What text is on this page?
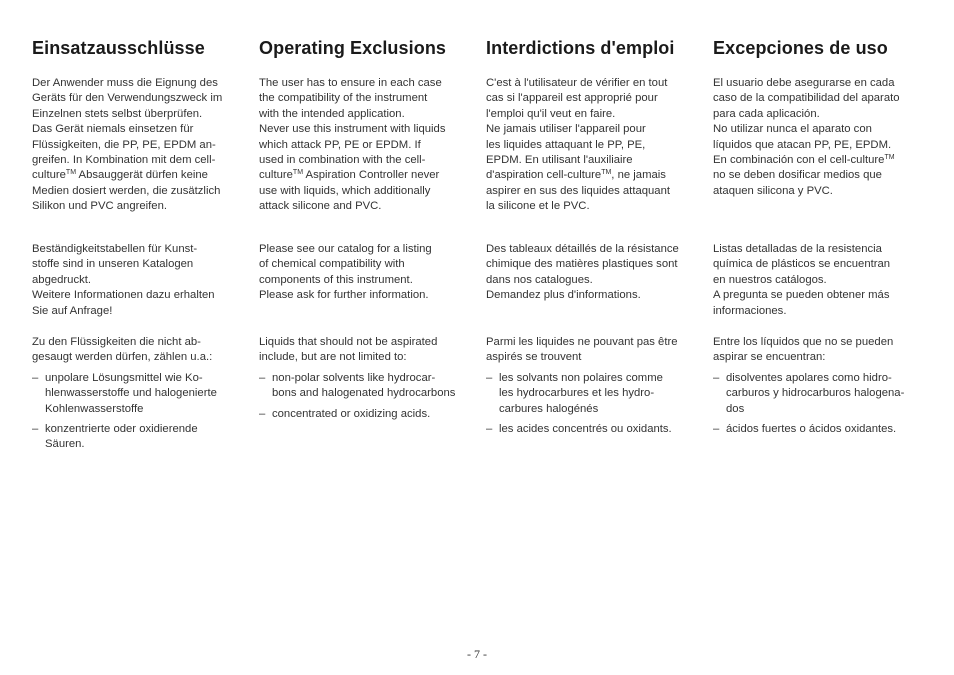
Einsatzausschlüsse

Der Anwender muss die Eignung des
Geräts für den Verwendungszweck im
Einzelnen stets selbst überprüfen.
Das Gerät niemals einsetzen für
Flüssigkeiten, die PP, PE, EPDM an-
greifen. In Kombination mit dem cell-
culture™ Absauggerät dürfen keine
Medien dosiert werden, die zusätzlich
Silikon und PVC angreifen.

Beständigkeitstabellen für Kunst-
stoffe sind in unseren Katalogen
abgedruckt.
Weitere Informationen dazu erhalten
Sie auf Anfrage!

Zu den Flüssigkeiten die nicht ab-
gesaugt werden dürfen, zählen u.a.:

– unpolare Lösungsmittel wie Ko-
hlenwasserstoffe und halogenierte
Kohlenwasserstoffe
– konzentrierte oder oxidierende
Säuren.
Operating Exclusions

The user has to ensure in each case
the compatibility of the instrument
with the intended application.
Never use this instrument with liquids
which attack PP, PE or EPDM. If
used in combination with the cell-
culture™ Aspiration Controller never
use with liquids, which additionally
attack silicone and PVC.

Please see our catalog for a listing
of chemical compatibility with
components of this instrument.
Please ask for further information.

Liquids that should not be aspirated
include, but are not limited to:

– non-polar solvents like hydrocar-
bons and halogenated hydrocarbons
– concentrated or oxidizing acids.
Interdictions d'emploi

C'est à l'utilisateur de vérifier en tout
cas si l'appareil est approprié pour
l'emploi qu'il veut en faire.
Ne jamais utiliser l'appareil pour
les liquides attaquant le PP, PE,
EPDM. En utilisant l'auxiliaire
d'aspiration cell-culture™, ne jamais
aspirer en sus des liquides attaquant
la silicone et le PVC.

Des tableaux détaillés de la résistance
chimique des matières plastiques sont
dans nos catalogues.
Demandez plus d'informations.

Parmi les liquides ne pouvant pas être
aspirés se trouvent

– les solvants non polaires comme
les hydrocarbures et les hydro-
carbures halogénés
– les acides concentrés ou oxidants.
Excepciones de uso

El usuario debe asegurarse en cada
caso de la compatibilidad del aparato
para cada aplicación.
No utilizar nunca el aparato con
líquidos que atacan PP, PE, EPDM.
En combinación con el cell-culture™
no se deben dosificar medios que
ataquen silicona y PVC.

Listas detalladas de la resistencia
química de plásticos se encuentran
en nuestros catálogos.
A pregunta se pueden obtener más
informaciones.

Entre los líquidos que no se pueden
aspirar se encuentran:

– disolventes apolares como hidro-
carburos y hidrocarburos halogena-
dos
– ácidos fuertes o ácidos oxidantes.
- 7 -
